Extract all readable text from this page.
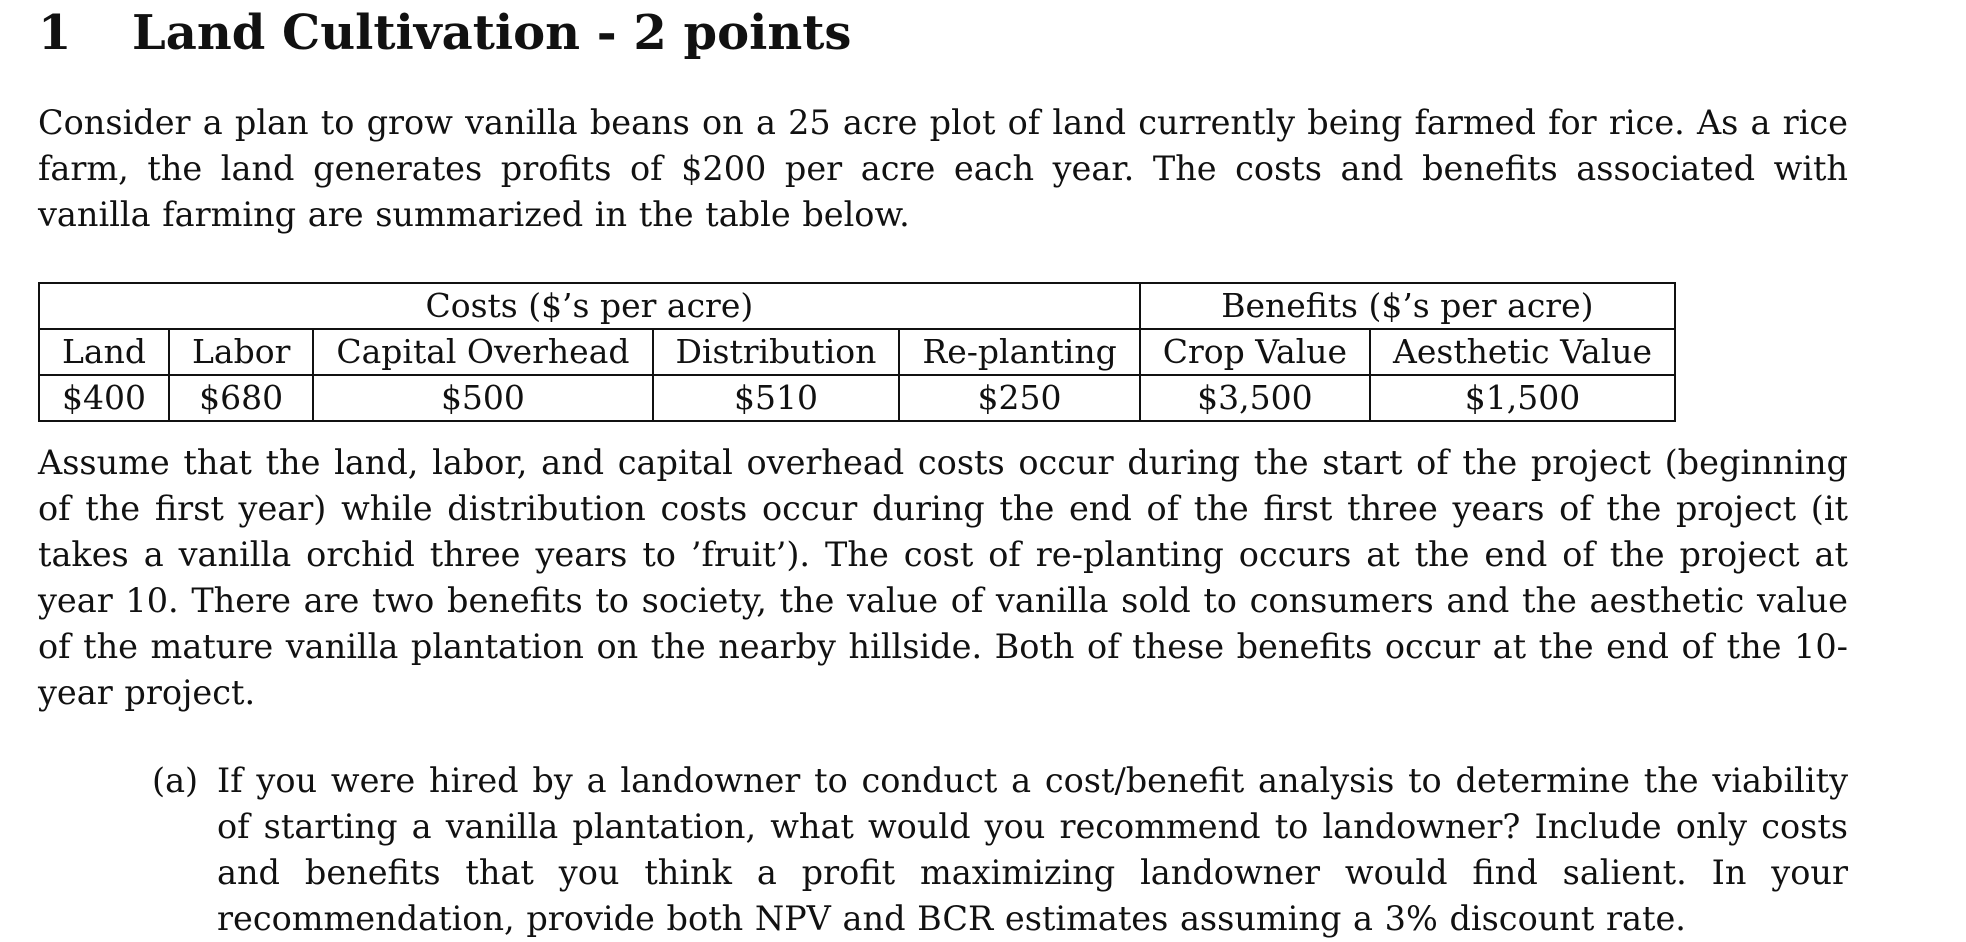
1 Land Cultivation - 2 points

Consider a plan to grow vanilla beans on a 25 acre plot of land currently being farmed for rice. As a rice farm, the land generates profits of $200 per acre each year. The costs and benefits associated with vanilla farming are summarized in the table below.

Costs ($’s per acre)					Benefits ($’s per acre)	
Land	Labor	Capital Overhead	Distribution	Re-planting	Crop Value	Aesthetic Value
$400	$680	$500	$510	$250	$3,500	$1,500

Assume that the land, labor, and capital overhead costs occur during the start of the project (beginning of the first year) while distribution costs occur during the end of the first three years of the project (it takes a vanilla orchid three years to ’fruit’). The cost of re-planting occurs at the end of the project at year 10. There are two benefits to society, the value of vanilla sold to consumers and the aesthetic value of the mature vanilla plantation on the nearby hillside. Both of these benefits occur at the end of the 10-year project.

(a) If you were hired by a landowner to conduct a cost/benefit analysis to determine the viability of starting a vanilla plantation, what would you recommend to landowner? Include only costs and benefits that you think a profit maximizing landowner would find salient. In your recommendation, provide both NPV and BCR estimates assuming a 3% discount rate.
